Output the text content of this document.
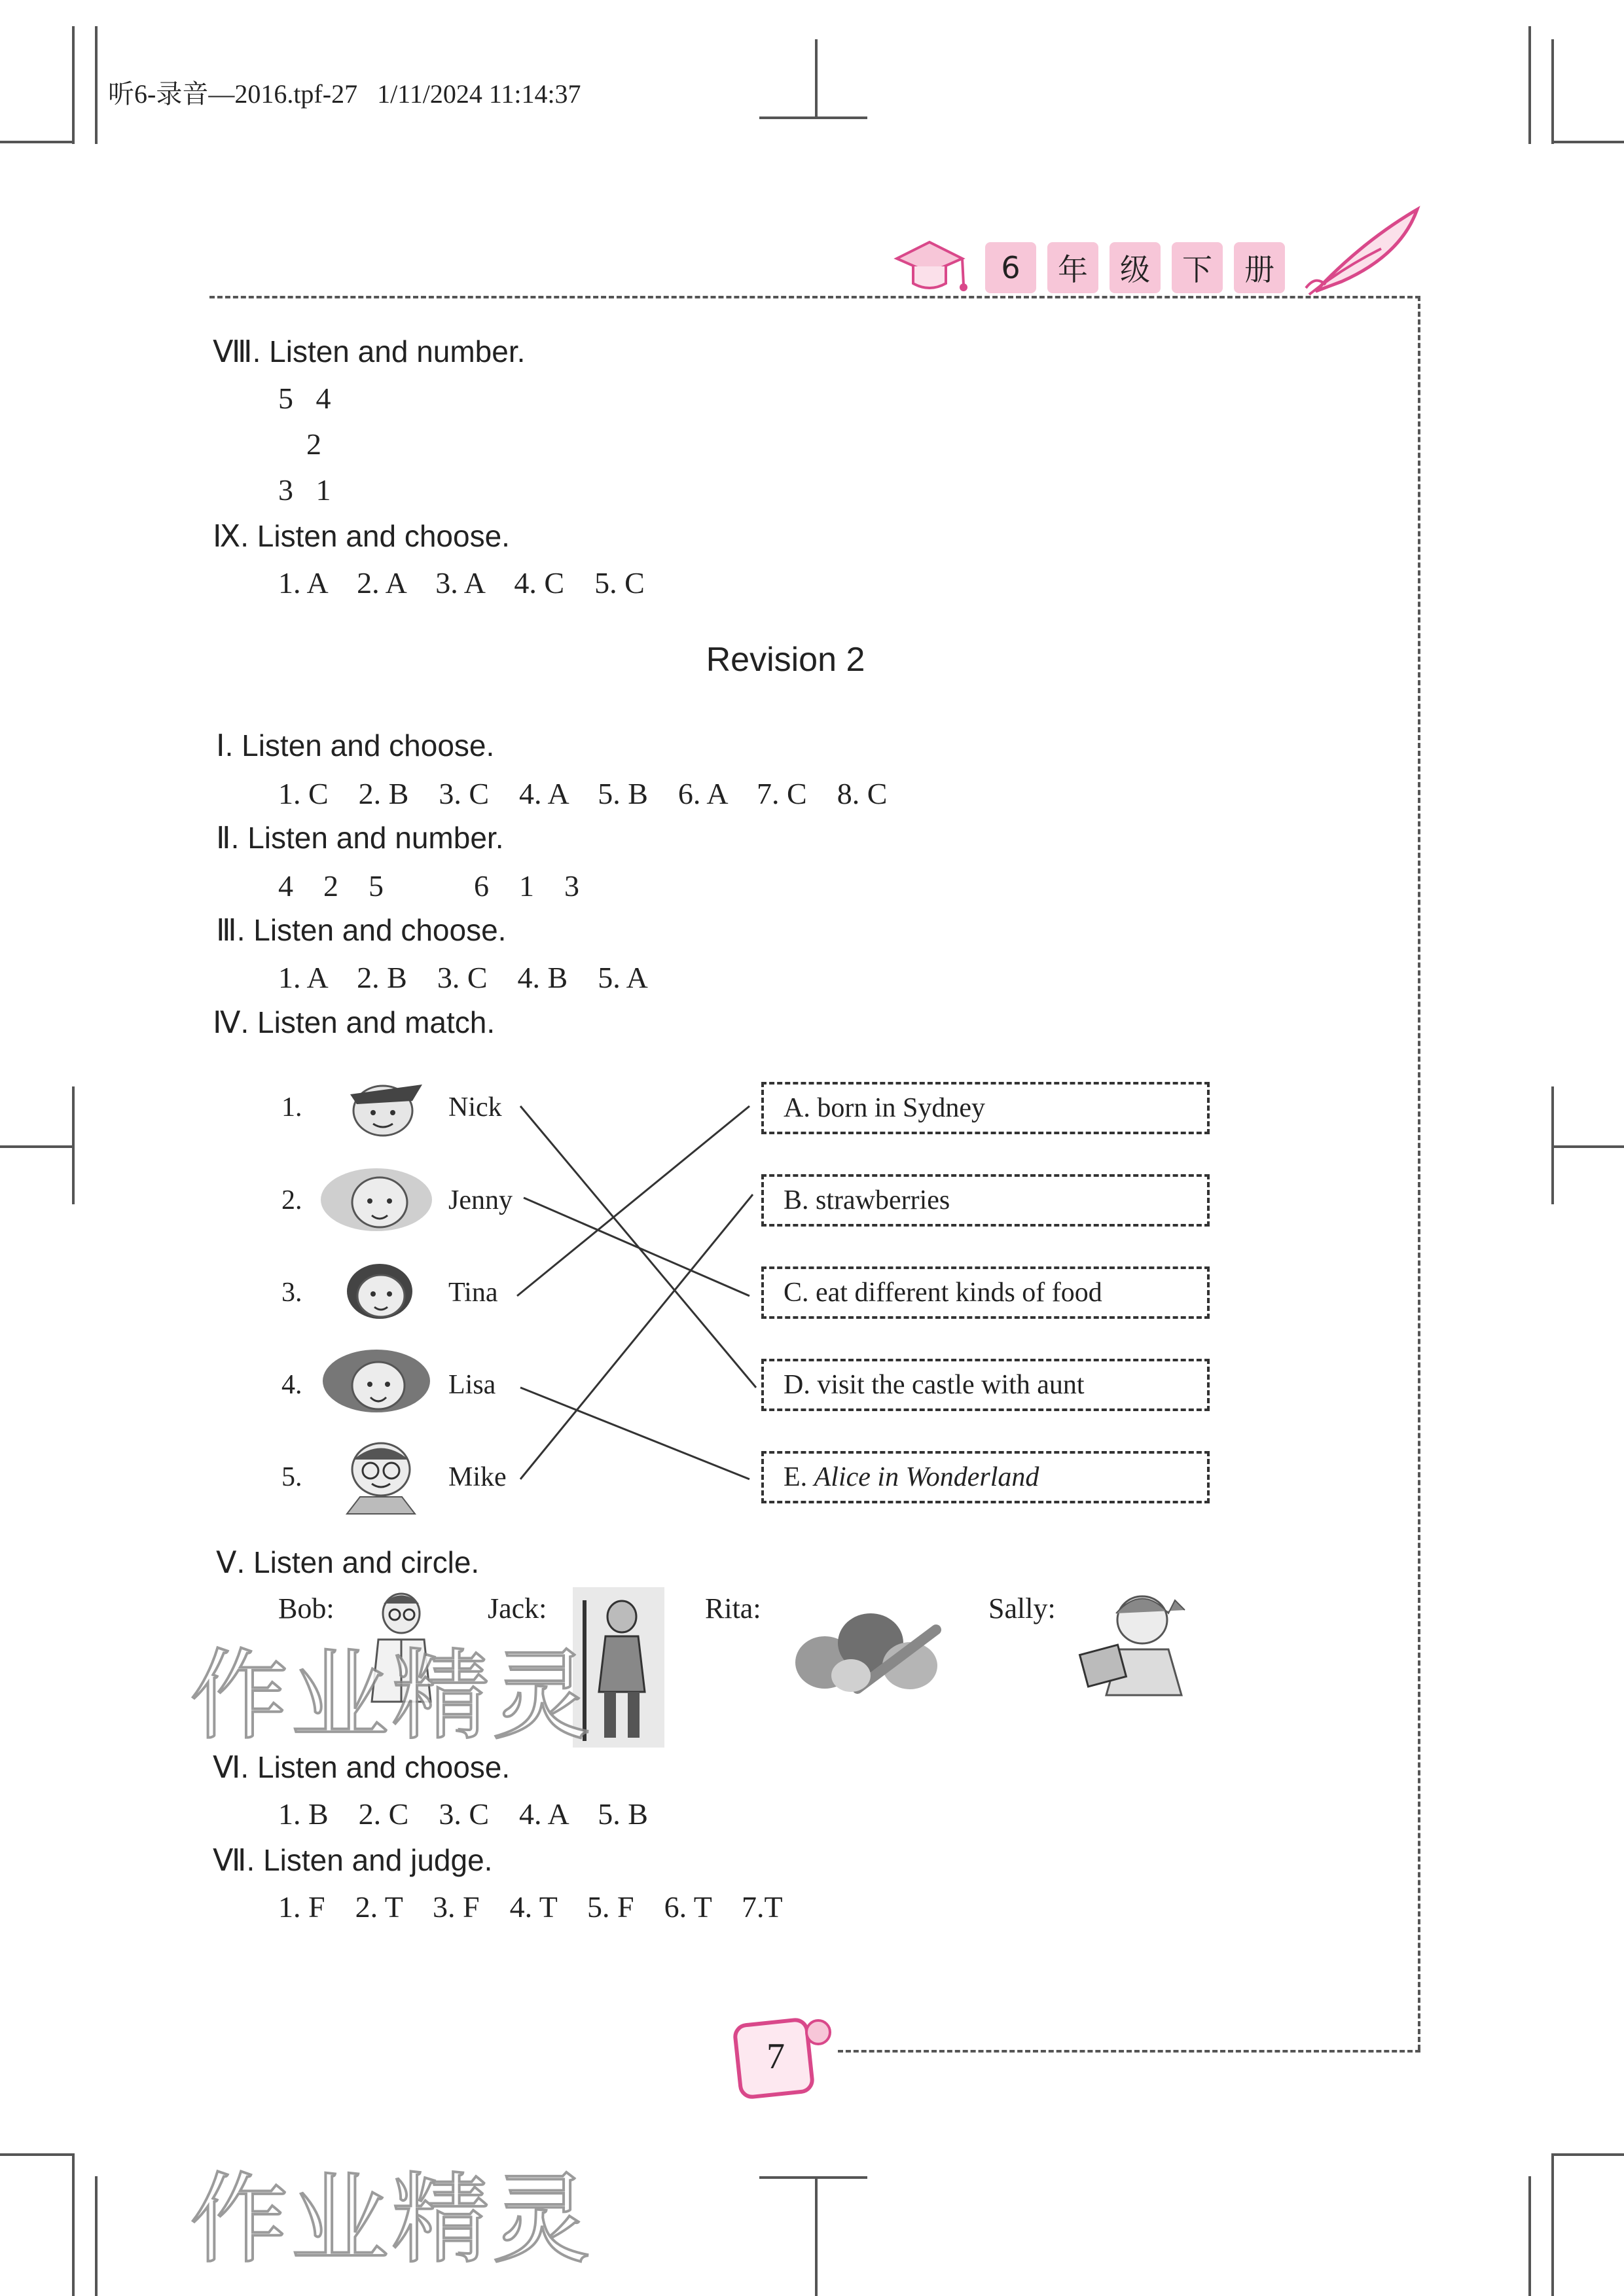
听6-录音—2016.tpf-27   1/11/2024 11:14:37
6	年	级	下	册
Ⅷ. Listen and number.
5   4
2
3   1
Ⅸ. Listen and choose.
1. A    2. A    3. A    4. C    5. C
Revision 2
Ⅰ. Listen and choose.
1. C    2. B    3. C    4. A    5. B    6. A    7. C    8. C
Ⅱ. Listen and number.
4    2    5            6    1    3
Ⅲ. Listen and choose.
1. A    2. B    3. C    4. B    5. A
Ⅳ. Listen and match.
1.	Nick
2.	Jenny
3.	Tina
4.	Lisa
5.	Mike
A.
born in Sydney
B.
strawberries
C.
eat different kinds of food
D.
visit the castle with aunt
E.
Alice in Wonderland
Ⅴ. Listen and circle.
Bob:	Jack:	Rita:	Sally:
Ⅵ. Listen and choose.
1. B    2. C    3. C    4. A    5. B
Ⅶ. Listen and judge.
1. F    2. T    3. F    4. T    5. F    6. T    7.T
7
作业精灵
作业精灵
